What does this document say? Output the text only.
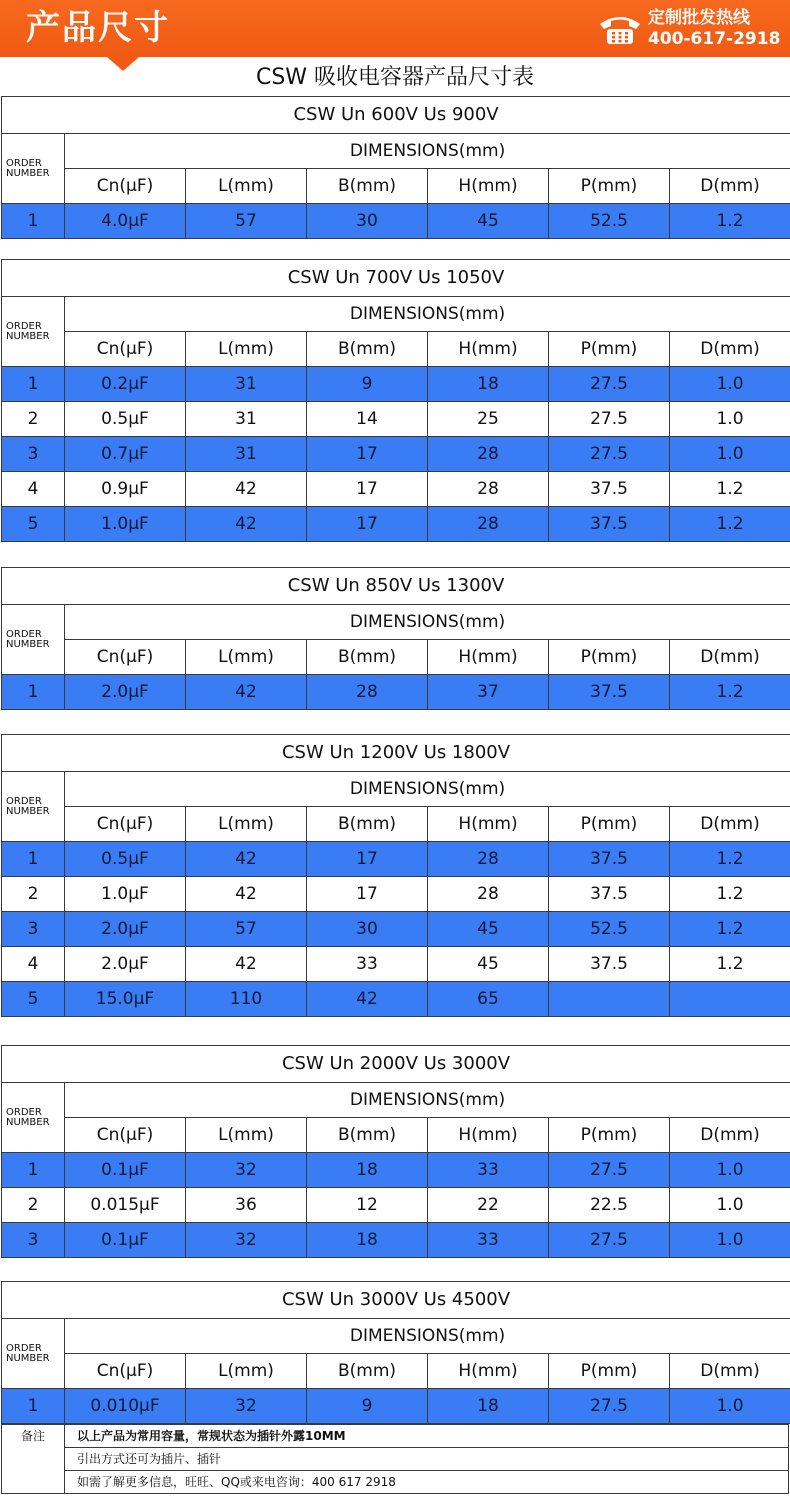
产品尺寸	定制批发热线
400-617-2918
CSW 吸收电容器产品尺寸表
CSW Un 600V Us 900V						
ORDER NUMBER	DIMENSIONS(mm)					
	Cn(μF)	L(mm)	B(mm)	H(mm)	P(mm)	D(mm)
1	4.0μF	57	30	45	52.5	1.2
CSW Un 700V Us 1050V						
ORDER NUMBER	DIMENSIONS(mm)					
	Cn(μF)	L(mm)	B(mm)	H(mm)	P(mm)	D(mm)
1	0.2μF	31	9	18	27.5	1.0
2	0.5μF	31	14	25	27.5	1.0
3	0.7μF	31	17	28	27.5	1.0
4	0.9μF	42	17	28	37.5	1.2
5	1.0μF	42	17	28	37.5	1.2
CSW Un 850V Us 1300V						
ORDER NUMBER	DIMENSIONS(mm)					
	Cn(μF)	L(mm)	B(mm)	H(mm)	P(mm)	D(mm)
1	2.0μF	42	28	37	37.5	1.2
CSW Un 1200V Us 1800V						
ORDER NUMBER	DIMENSIONS(mm)					
	Cn(μF)	L(mm)	B(mm)	H(mm)	P(mm)	D(mm)
1	0.5μF	42	17	28	37.5	1.2
2	1.0μF	42	17	28	37.5	1.2
3	2.0μF	57	30	45	52.5	1.2
4	2.0μF	42	33	45	37.5	1.2
5	15.0μF	110	42	65		
CSW Un 2000V Us 3000V						
ORDER NUMBER	DIMENSIONS(mm)					
	Cn(μF)	L(mm)	B(mm)	H(mm)	P(mm)	D(mm)
1	0.1μF	32	18	33	27.5	1.0
2	0.015μF	36	12	22	22.5	1.0
3	0.1μF	32	18	33	27.5	1.0
CSW Un 3000V Us 4500V						
ORDER NUMBER	DIMENSIONS(mm)					
	Cn(μF)	L(mm)	B(mm)	H(mm)	P(mm)	D(mm)
1	0.010μF	32	9	18	27.5	1.0
备注	以上产品为常用容量，常规状态为插针外露10MM
引出方式还可为插片、插针
如需了解更多信息，旺旺、QQ或来电咨询：400 617 2918
